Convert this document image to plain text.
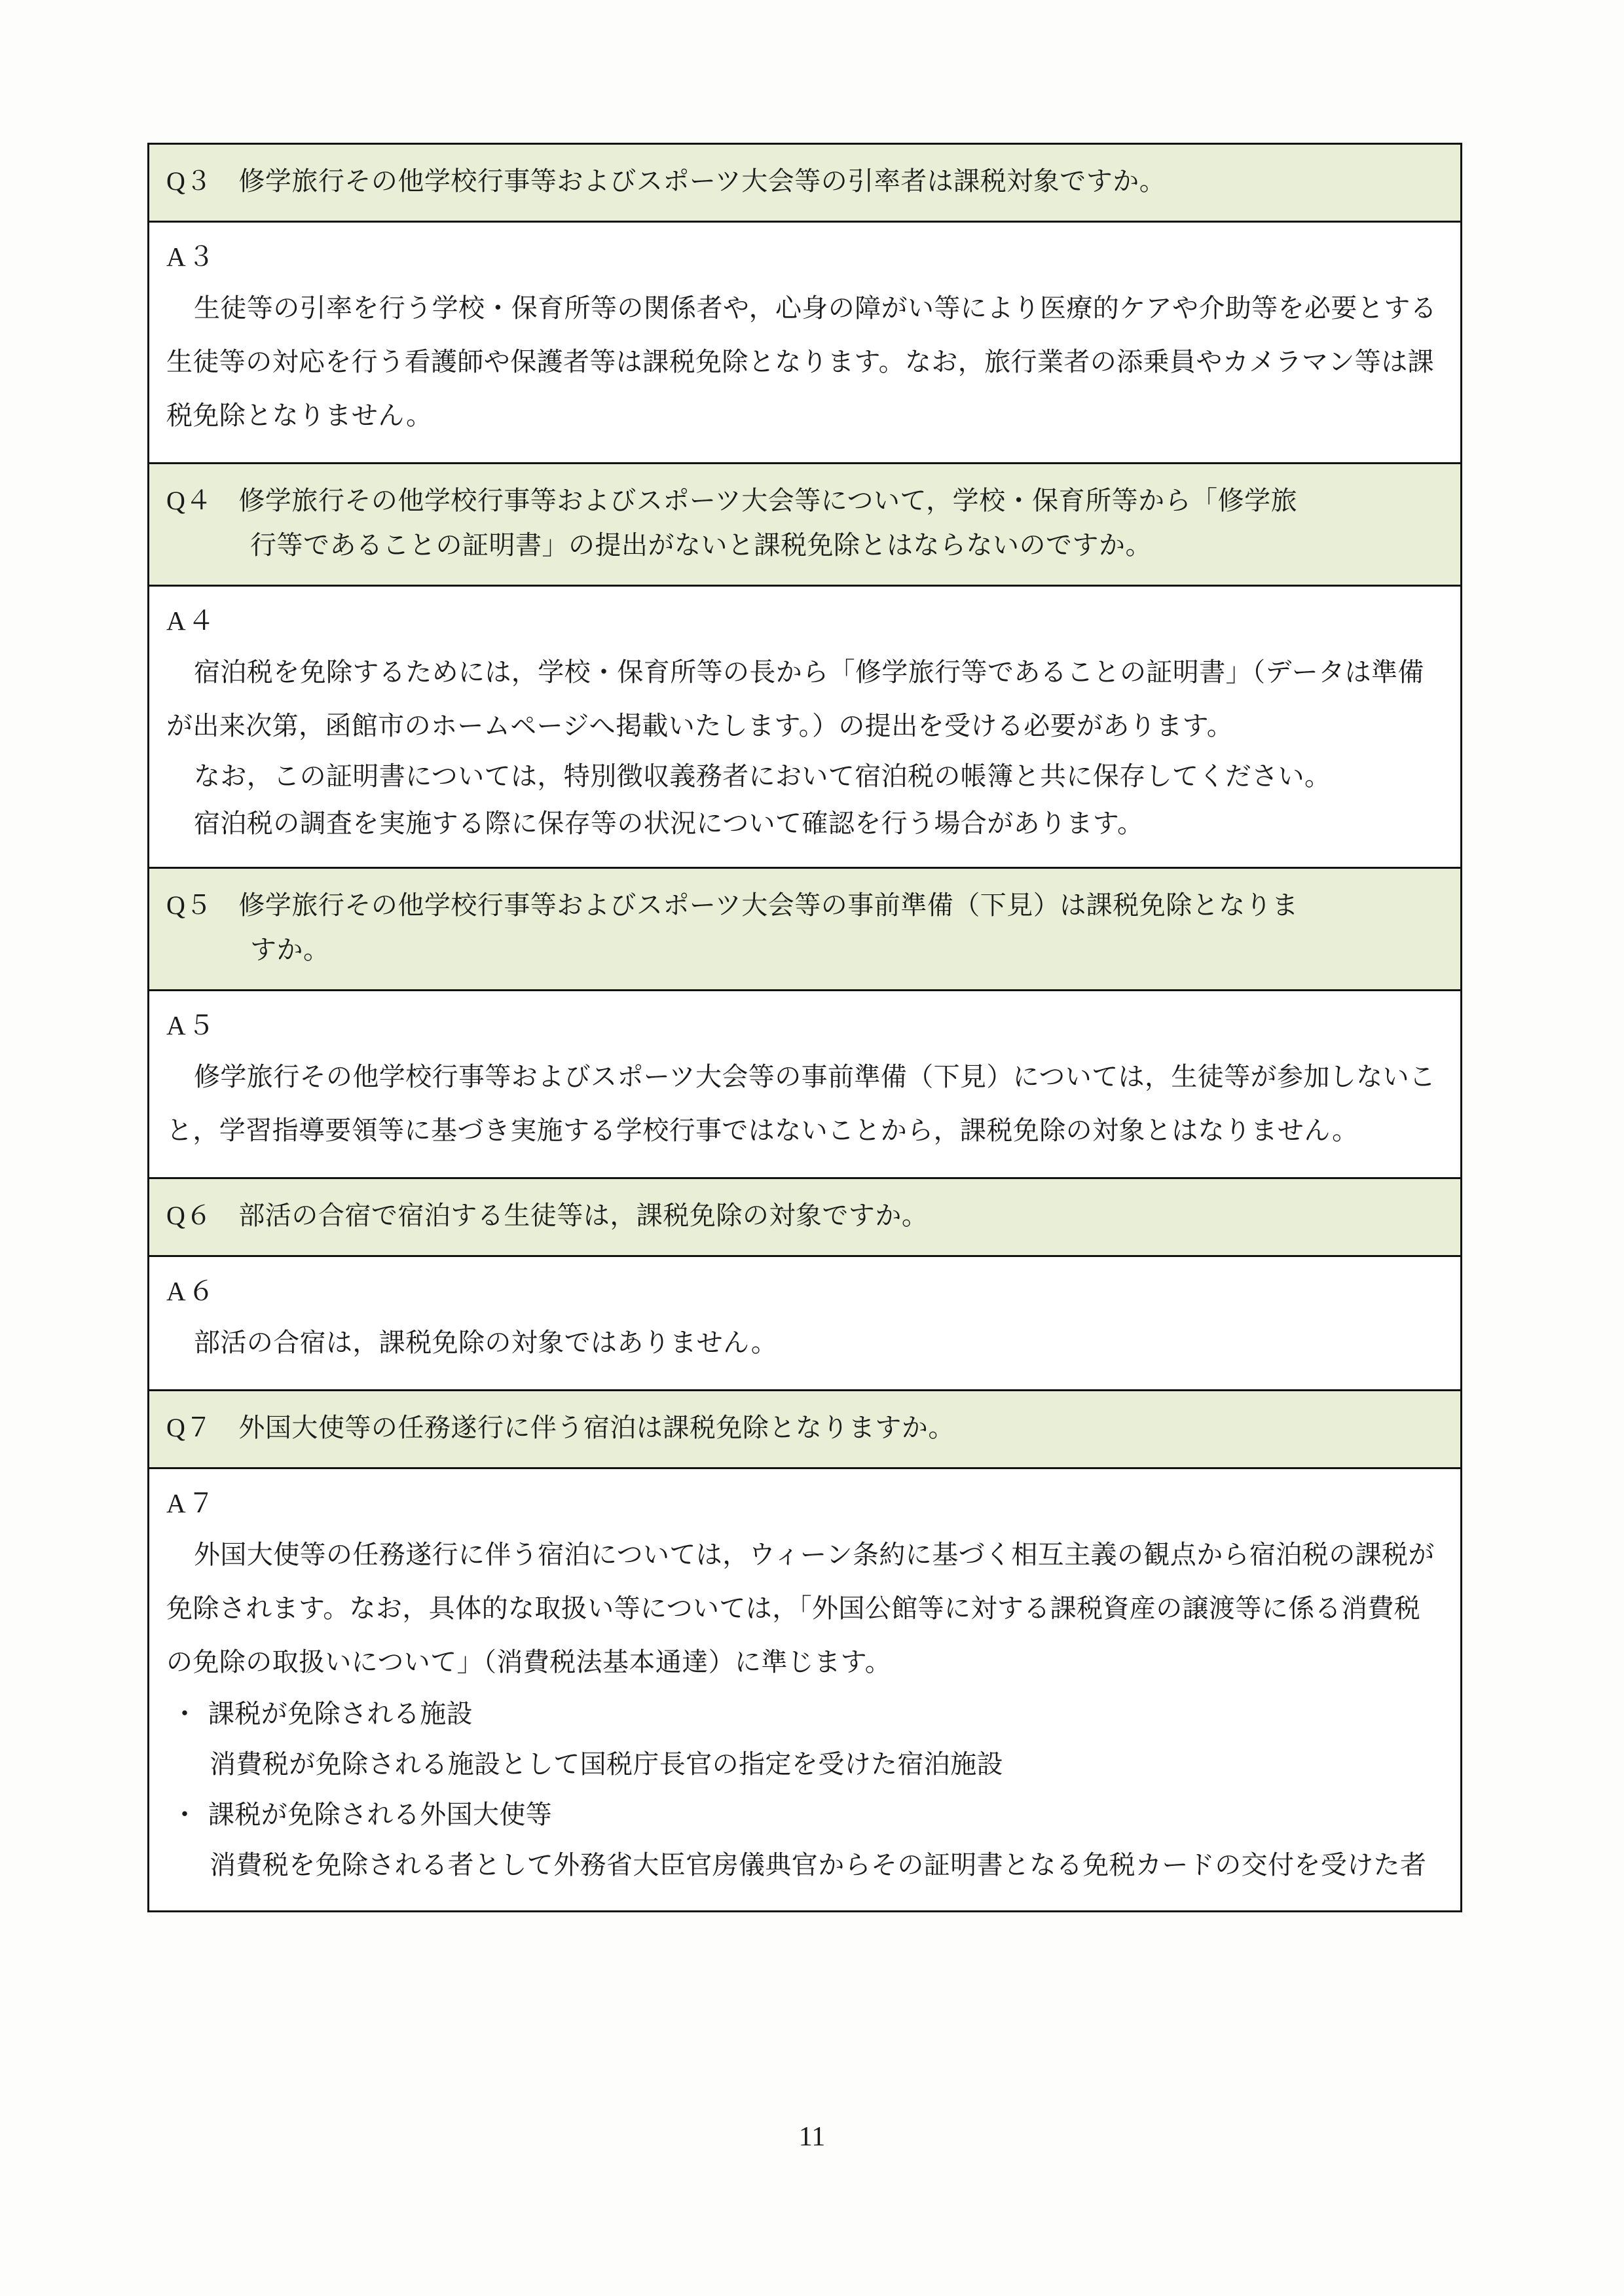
Q３　修学旅行その他学校行事等およびスポーツ大会等の引率者は課税対象ですか。
A３

生徒等の引率を行う学校・保育所等の関係者や，心身の障がい等により医療的ケアや介助等を必要とする生徒等の対応を行う看護師や保護者等は課税免除となります。なお，旅行業者の添乗員やカメラマン等は課税免除となりません。

Q４　修学旅行その他学校行事等およびスポーツ大会等について，学校・保育所等から「修学旅
行等であることの証明書」の提出がないと課税免除とはならないのですか。
A４

宿泊税を免除するためには，学校・保育所等の長から「修学旅行等であることの証明書」（データは準備が出来次第，函館市のホームページへ掲載いたします。）の提出を受ける必要があります。

なお，この証明書については，特別徴収義務者において宿泊税の帳簿と共に保存してください。

宿泊税の調査を実施する際に保存等の状況について確認を行う場合があります。

Q５　修学旅行その他学校行事等およびスポーツ大会等の事前準備（下見）は課税免除となりま
すか。
A５

修学旅行その他学校行事等およびスポーツ大会等の事前準備（下見）については，生徒等が参加しないこと，学習指導要領等に基づき実施する学校行事ではないことから，課税免除の対象とはなりません。

Q６　部活の合宿で宿泊する生徒等は，課税免除の対象ですか。
A６

部活の合宿は，課税免除の対象ではありません。

Q７　外国大使等の任務遂行に伴う宿泊は課税免除となりますか。
A７

外国大使等の任務遂行に伴う宿泊については，ウィーン条約に基づく相互主義の観点から宿泊税の課税が免除されます。なお，具体的な取扱い等については，「外国公館等に対する課税資産の譲渡等に係る消費税の免除の取扱いについて」（消費税法基本通達）に準じます。

・ 課税が免除される施設

消費税が免除される施設として国税庁長官の指定を受けた宿泊施設

・ 課税が免除される外国大使等

消費税を免除される者として外務省大臣官房儀典官からその証明書となる免税カードの交付を受けた者

11
